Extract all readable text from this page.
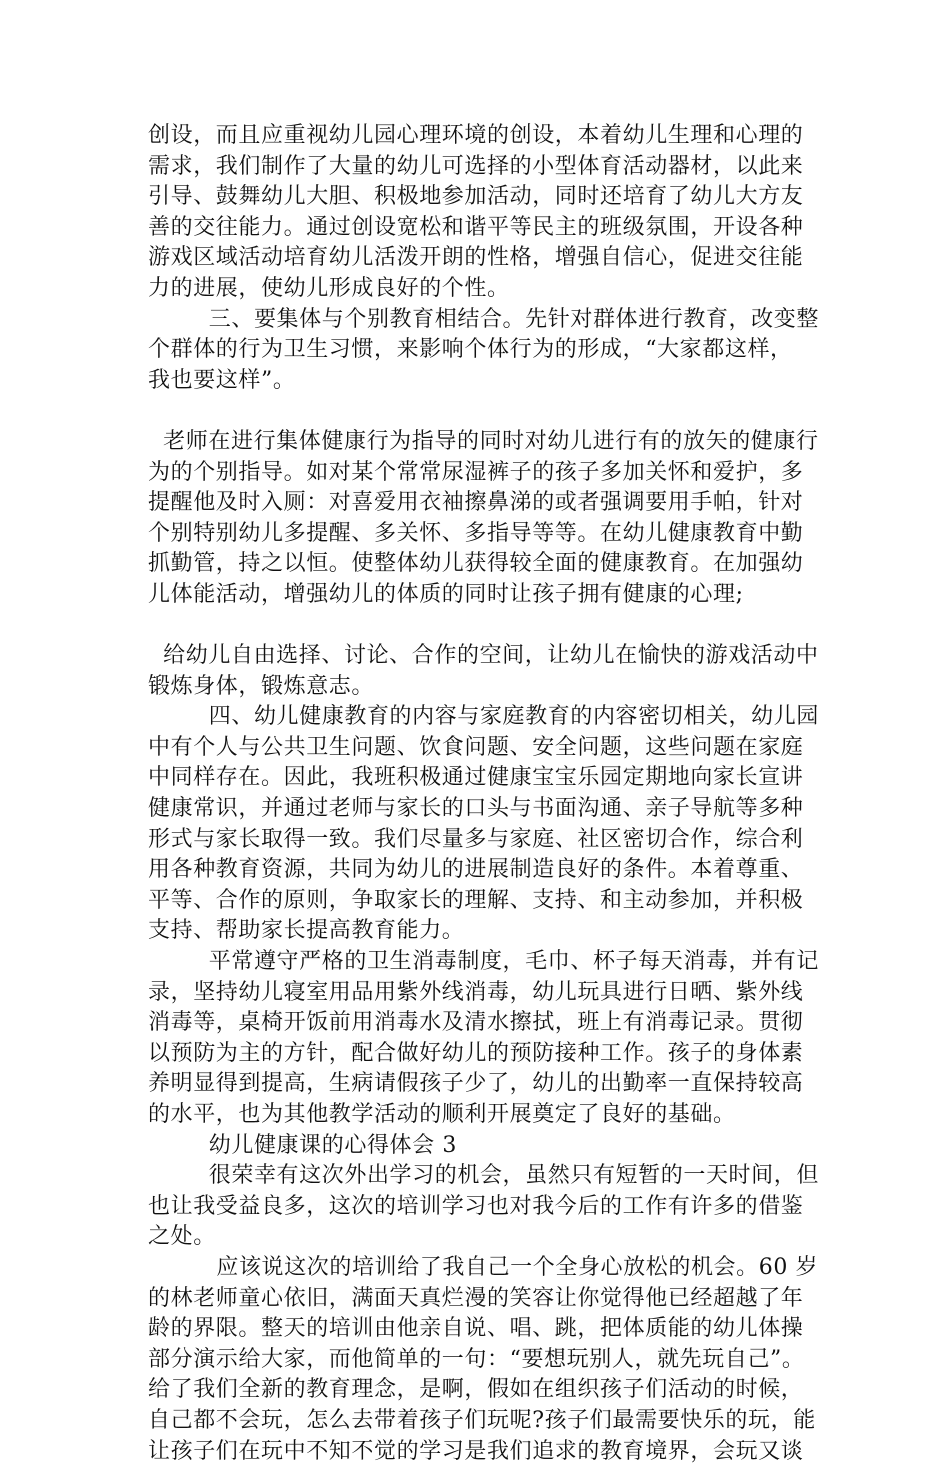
创设，而且应重视幼儿园心理环境的创设，本着幼儿生理和心理的
需求，我们制作了大量的幼儿可选择的小型体育活动器材，以此来
引导、鼓舞幼儿大胆、积极地参加活动，同时还培育了幼儿大方友
善的交往能力。通过创设宽松和谐平等民主的班级氛围，开设各种
游戏区域活动培育幼儿活泼开朗的性格，增强自信心，促进交往能
力的进展，使幼儿形成良好的个性。
三、要集体与个别教育相结合。先针对群体进行教育，改变整
个群体的行为卫生习惯，来影响个体行为的形成，“大家都这样，
我也要这样”。
老师在进行集体健康行为指导的同时对幼儿进行有的放矢的健康行
为的个别指导。如对某个常常尿湿裤子的孩子多加关怀和爱护，多
提醒他及时入厕：对喜爱用衣袖擦鼻涕的或者强调要用手帕，针对
个别特别幼儿多提醒、多关怀、多指导等等。在幼儿健康教育中勤
抓勤管，持之以恒。使整体幼儿获得较全面的健康教育。在加强幼
儿体能活动，增强幼儿的体质的同时让孩子拥有健康的心理;
给幼儿自由选择、讨论、合作的空间，让幼儿在愉快的游戏活动中
锻炼身体，锻炼意志。
四、幼儿健康教育的内容与家庭教育的内容密切相关，幼儿园
中有个人与公共卫生问题、饮食问题、安全问题，这些问题在家庭
中同样存在。因此，我班积极通过健康宝宝乐园定期地向家长宣讲
健康常识，并通过老师与家长的口头与书面沟通、亲子导航等多种
形式与家长取得一致。我们尽量多与家庭、社区密切合作，综合利
用各种教育资源，共同为幼儿的进展制造良好的条件。本着尊重、
平等、合作的原则，争取家长的理解、支持、和主动参加，并积极
支持、帮助家长提高教育能力。
平常遵守严格的卫生消毒制度，毛巾、杯子每天消毒，并有记
录，坚持幼儿寝室用品用紫外线消毒，幼儿玩具进行日晒、紫外线
消毒等，桌椅开饭前用消毒水及清水擦拭，班上有消毒记录。贯彻
以预防为主的方针，配合做好幼儿的预防接种工作。孩子的身体素
养明显得到提高，生病请假孩子少了，幼儿的出勤率一直保持较高
的水平，也为其他教学活动的顺利开展奠定了良好的基础。
幼儿健康课的心得体会 3
很荣幸有这次外出学习的机会，虽然只有短暂的一天时间，但
也让我受益良多，这次的培训学习也对我今后的工作有许多的借鉴
之处。
应该说这次的培训给了我自己一个全身心放松的机会。60 岁
的林老师童心依旧，满面天真烂漫的笑容让你觉得他已经超越了年
龄的界限。整天的培训由他亲自说、唱、跳，把体质能的幼儿体操
部分演示给大家，而他简单的一句：“要想玩别人，就先玩自己”。
给了我们全新的教育理念，是啊，假如在组织孩子们活动的时候，
自己都不会玩，怎么去带着孩子们玩呢?孩子们最需要快乐的玩，能
让孩子们在玩中不知不觉的学习是我们追求的教育境界，会玩又谈
